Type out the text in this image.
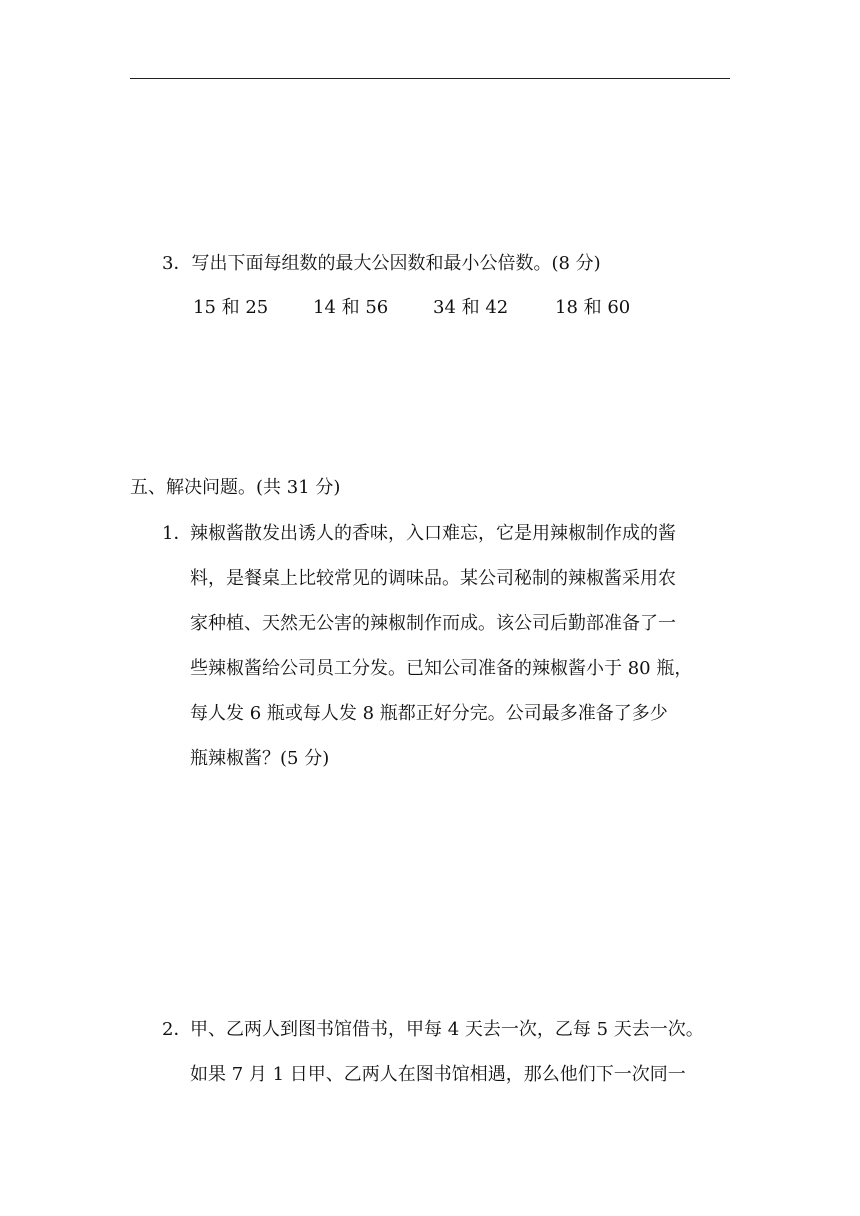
3．写出下面每组数的最大公因数和最小公倍数。(8 分)
15 和 25 14 和 56 34 和 42	18 和 60
五、解决问题。(共 31 分)
1．
辣椒酱散发出诱人的香味，入口难忘，它是用辣椒制作成的酱
料，是餐桌上比较常见的调味品。某公司秘制的辣椒酱采用农
家种植、天然无公害的辣椒制作而成。该公司后勤部准备了一
些辣椒酱给公司员工分发。已知公司准备的辣椒酱小于 80 瓶，
每人发 6 瓶或每人发 8 瓶都正好分完。公司最多准备了多少
瓶辣椒酱？(5 分)
2．
甲、乙两人到图书馆借书，甲每 4 天去一次，乙每 5 天去一次。
如果 7 月 1 日甲、乙两人在图书馆相遇，那么他们下一次同一
